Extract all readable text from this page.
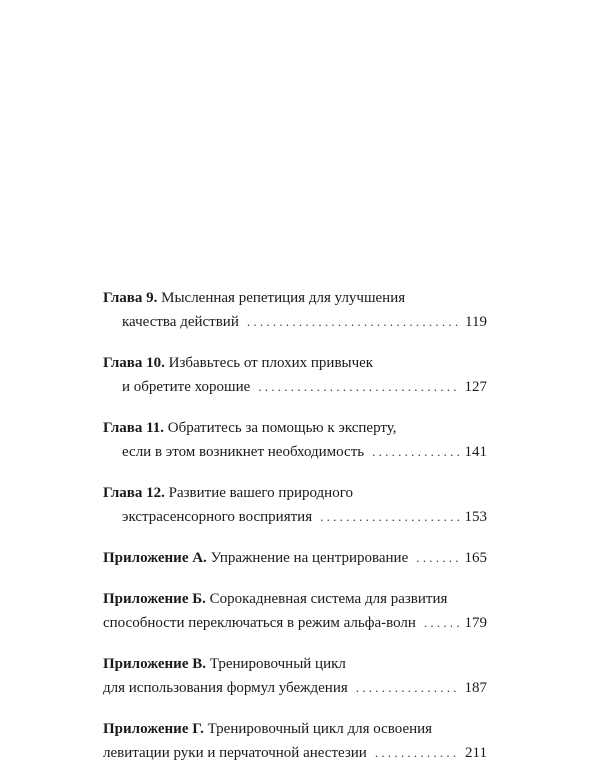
Глава 9. Мысленная репетиция для улучшения
качества действий . . .	119
Глава 10. Избавьтесь от плохих привычек
и обретите хорошие . . .	127
Глава 11. Обратитесь за помощью к эксперту,
если в этом возникнет необходимость . . .	141
Глава 12. Развитие вашего природного
экстрасенсорного восприятия . . .	153
Приложение А.
Упражнение на центрирование . . .	165
Приложение Б. Сорокадневная система для развития
способности переключаться в режим альфа-волн . . .	179
Приложение В. Тренировочный цикл
для использования формул убеждения . . .	187
Приложение Г. Тренировочный цикл для освоения
левитации руки и перчаточной анестезии . . .	211
